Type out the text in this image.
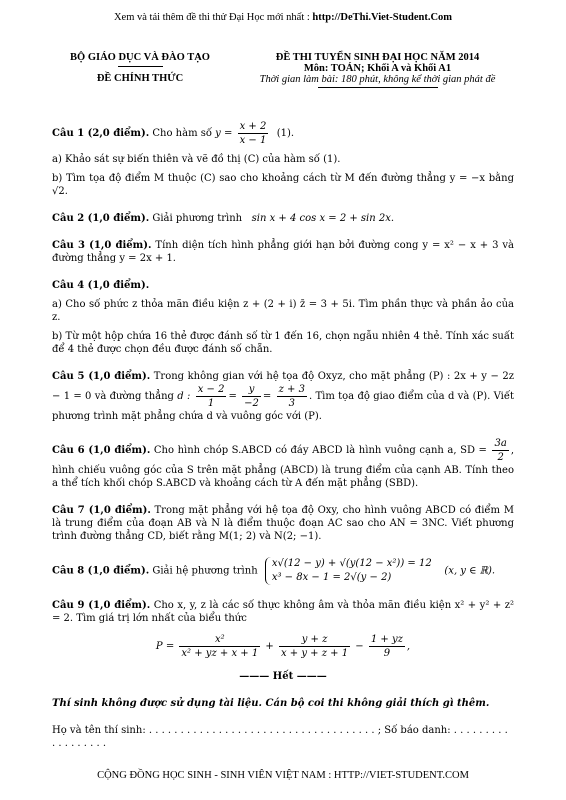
Xem và tải thêm đề thi thử Đại Học mới nhất : http://DeThi.Viet-Student.Com
BỘ GIÁO DỤC VÀ ĐÀO TẠO
ĐỀ CHÍNH THỨC
ĐỀ THI TUYỂN SINH ĐẠI HỌC NĂM 2014
Môn: TOÁN; Khối A và Khối A1
Thời gian làm bài: 180 phút, không kể thời gian phát đề
Câu 1 (2,0 điểm). Cho hàm số $y = \frac{x + 2}{x - 1} (1)$.
a) Khảo sát sự biến thiên và vẽ đồ thị (C) của hàm số (1).
b) Tìm tọa độ điểm M thuộc (C) sao cho khoảng cách từ M đến đường thẳng y = −x bằng √2.
Câu 2 (1,0 điểm). Giải phương trình sin x + 4 cos x = 2 + sin 2x.
Câu 3 (1,0 điểm). Tính diện tích hình phẳng giới hạn bởi đường cong y = x² − x + 3 và đường thẳng y = 2x + 1.
Câu 4 (1,0 điểm).
a) Cho số phức z thỏa mãn điều kiện z + (2 + i) z̄ = 3 + 5i. Tìm phần thực và phần ảo của z.
b) Từ một hộp chứa 16 thẻ được đánh số từ 1 đến 16, chọn ngẫu nhiên 4 thẻ. Tính xác suất để 4 thẻ được chọn đều được đánh số chẵn.
Câu 5 (1,0 điểm). Trong không gian với hệ tọa độ Oxyz, cho mặt phẳng (P) : 2x + y − 2z − 1 = 0 và đường thẳng d : $\frac{x - 2}{1} = \frac{y}{-2} = \frac{z + 3}{3}$ . Tìm tọa độ giao điểm của d và (P). Viết phương trình mặt phẳng chứa d và vuông góc với (P).
Câu 6 (1,0 điểm). Cho hình chóp S.ABCD có đáy ABCD là hình vuông cạnh a, SD = $\frac{3a}{2}$ , hình chiếu vuông góc của S trên mặt phẳng (ABCD) là trung điểm của cạnh AB. Tính theo a thể tích khối chóp S.ABCD và khoảng cách từ A đến mặt phẳng (SBD).
Câu 7 (1,0 điểm). Trong mặt phẳng với hệ tọa độ Oxy, cho hình vuông ABCD có điểm M là trung điểm của đoạn AB và N là điểm thuộc đoạn AC sao cho AN = 3NC. Viết phương trình đường thẳng CD, biết rằng M(1; 2) và N(2; −1).
Câu 8 (1,0 điểm). Giải hệ phương trình x√(12 − y) + √(y(12 − x²)) = 12
x³ − 8x − 1 = 2√(y − 2)    (x, y ∈ ℝ).
Câu 9 (1,0 điểm). Cho x, y, z là các số thực không âm và thỏa mãn điều kiện x² + y² + z² = 2. Tìm giá trị lớn nhất của biểu thức
$P = \frac{\text{x²}}{\text{x² + yz + x + 1}} + \frac{y + z}{x + y + z + 1} - \frac{1 + yz}{9}$ ,
——— Hết ———
Thí sinh không được sử dụng tài liệu. Cán bộ coi thi không giải thích gì thêm.
Họ và tên thí sinh: . . . . . . . . . . . . . . . . . . . . . . . . . . . . . . . . . . . . ; Số báo danh: . . . . . . . . . . . . . . . . . .
CỘNG ĐỒNG HỌC SINH - SINH VIÊN VIỆT NAM : HTTP://VIET-STUDENT.COM
